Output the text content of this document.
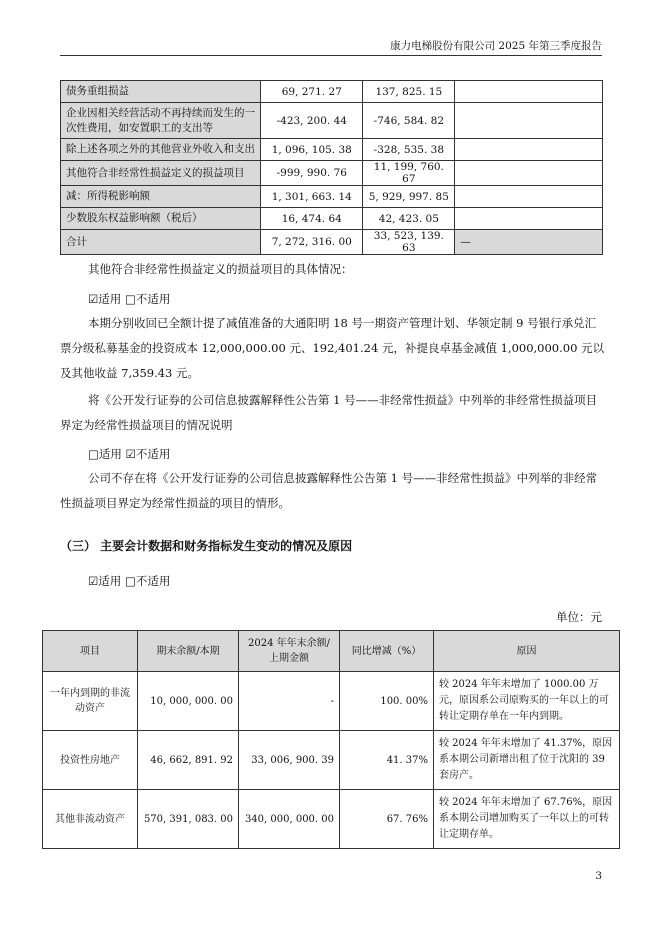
康力电梯股份有限公司 2025 年第三季度报告
债务重组损益	69, 271. 27	137, 825. 15	
企业因相关经营活动不再持续而发生的一次性费用，如安置职工的支出等	-423, 200. 44	-746, 584. 82	
除上述各项之外的其他营业外收入和支出	1, 096, 105. 38	-328, 535. 38	
其他符合非经常性损益定义的损益项目	-999, 990. 76	11, 199, 760. 67	
减：所得税影响额	1, 301, 663. 14	5, 929, 997. 85	
少数股东权益影响额（税后）	16, 474. 64	42, 423. 05	
合计	7, 272, 316. 00	33, 523, 139. 63	—
其他符合非经常性损益定义的损益项目的具体情况：
☑适用 □不适用
本期分别收回已全额计提了减值准备的大通阳明 18 号一期资产管理计划、华领定制 9 号银行承兑汇票分级私募基金的投资成本 12,000,000.00 元、192,401.24 元，补提良卓基金减值 1,000,000.00 元以及其他收益 7,359.43 元。
将《公开发行证券的公司信息披露解释性公告第 1 号——非经常性损益》中列举的非经常性损益项目界定为经常性损益项目的情况说明
□适用 ☑不适用
公司不存在将《公开发行证券的公司信息披露解释性公告第 1 号——非经常性损益》中列举的非经常性损益项目界定为经常性损益的项目的情形。
（三） 主要会计数据和财务指标发生变动的情况及原因
☑适用 □不适用
单位：元
项目	期末余额/本期	2024 年年末余额/上期金额	同比增减（%）	原因
一年内到期的非流动资产	10, 000, 000. 00	-	100. 00%	较 2024 年年末增加了 1000.00 万元，原因系公司原购买的一年以上的可转让定期存单在一年内到期。
投资性房地产	46, 662, 891. 92	33, 006, 900. 39	41. 37%	较 2024 年年末增加了 41.37%，原因系本期公司新增出租了位于沈阳的 39 套房产。
其他非流动资产	570, 391, 083. 00	340, 000, 000. 00	67. 76%	较 2024 年年末增加了 67.76%，原因系本期公司增加购买了一年以上的可转让定期存单。
3
